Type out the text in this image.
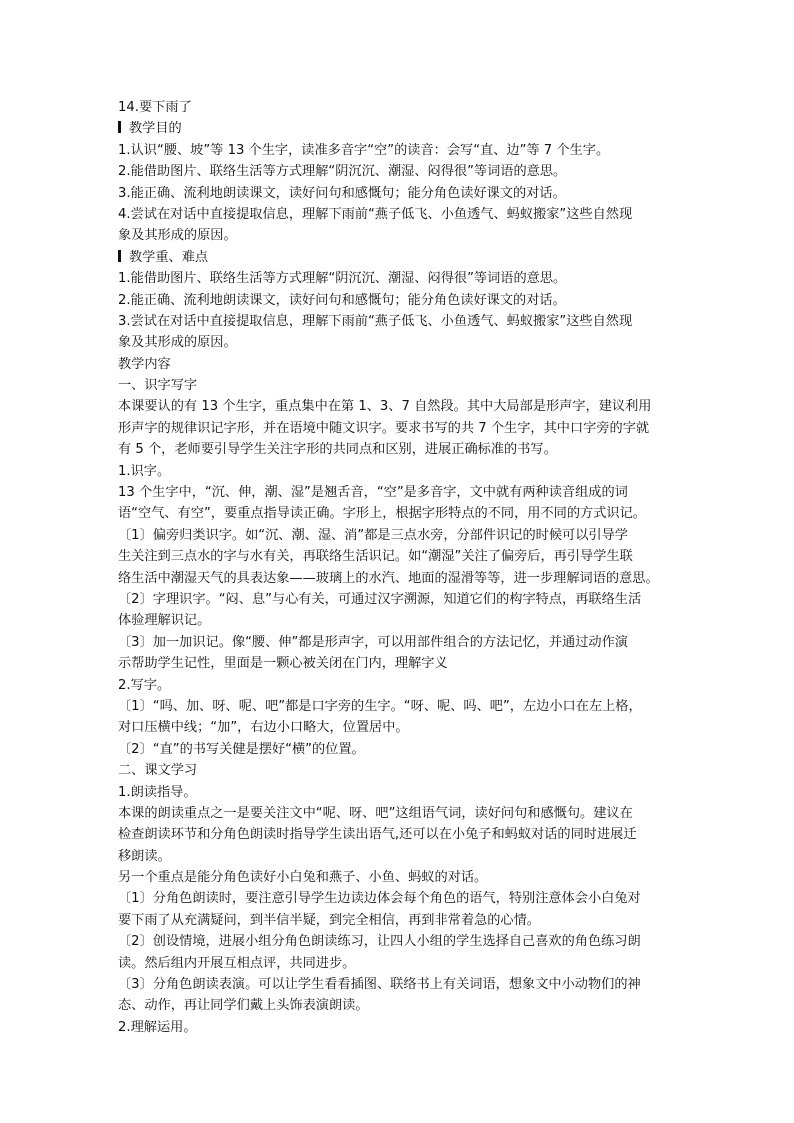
14.要下雨了

教学目的

1.认识“腰、坡”等 13 个生字，读准多音字“空”的读音：会写“直、边”等 7 个生字。

2.能借助图片、联络生活等方式理解“阴沉沉、潮湿、闷得很”等词语的意思。

3.能正确、流利地朗读课文，读好问句和感慨句；能分角色读好课文的对话。

4.尝试在对话中直接提取信息，理解下雨前“燕子低飞、小鱼透气、蚂蚁搬家”这些自然现

象及其形成的原因。

教学重、难点

1.能借助图片、联络生活等方式理解“阴沉沉、潮湿、闷得很”等词语的意思。

2.能正确、流利地朗读课文，读好问句和感慨句；能分角色读好课文的对话。

3.尝试在对话中直接提取信息，理解下雨前“燕子低飞、小鱼透气、蚂蚁搬家”这些自然现

象及其形成的原因。

教学内容

一、识字写字

本课要认的有 13 个生字，重点集中在第 1、3、7 自然段。其中大局部是形声字，建议利用

形声字的规律识记字形，并在语境中随文识字。要求书写的共 7 个生字，其中口字旁的字就

有 5 个，老师要引导学生关注字形的共同点和区别，进展正确标准的书写。

1.识字。

13 个生字中，“沉、伸，潮、湿”是翘舌音，“空”是多音字，文中就有两种读音组成的词

语“空气、有空”，要重点指导读正确。字形上，根据字形特点的不同，用不同的方式识记。

〔1〕偏旁归类识字。如“沉、潮、湿、消”都是三点水旁，分部件识记的时候可以引导学

生关注到三点水的字与水有关，再联络生活识记。如“潮湿”关注了偏旁后，再引导学生联

络生活中潮湿天气的具表达象——玻璃上的水汽、地面的湿滑等等，进一步理解词语的意思。

〔2〕字理识字。“闷、息”与心有关，可通过汉字溯源，知道它们的构字特点，再联络生活

体验理解识记。

〔3〕加一加识记。像“腰、伸”都是形声字，可以用部件组合的方法记忆，并通过动作演

示帮助学生记性，里面是一颗心被关闭在门内，理解字义

2.写字。

〔1〕“吗、加、呀、呢、吧”都是口字旁的生字。“呀、呢、吗、吧”，左边小口在左上格，

对口压横中线；“加”，右边小口略大，位置居中。

〔2〕“直”的书写关健是摆好“横”的位置。

二、课文学习

1.朗读指导。

本课的朗读重点之一是要关注文中“呢、呀、吧”这组语气词，读好问句和感慨句。建议在

检查朗读环节和分角色朗读时指导学生读出语气,还可以在小兔子和蚂蚁对话的同时进展迁

移朗读。

另一个重点是能分角色读好小白兔和燕子、小鱼、蚂蚁的对话。

〔1〕分角色朗读时，要注意引导学生边读边体会每个角色的语气，特别注意体会小白兔对

要下雨了从充满疑问，到半信半疑，到完全相信，再到非常着急的心情。

〔2〕创设情境，进展小组分角色朗读练习，让四人小组的学生选择自己喜欢的角色练习朗

读。然后组内开展互相点评，共同进步。

〔3〕分角色朗读表演。可以让学生看看插图、联络书上有关词语，想象文中小动物们的神

态、动作，再让同学们戴上头饰表演朗读。

2.理解运用。
